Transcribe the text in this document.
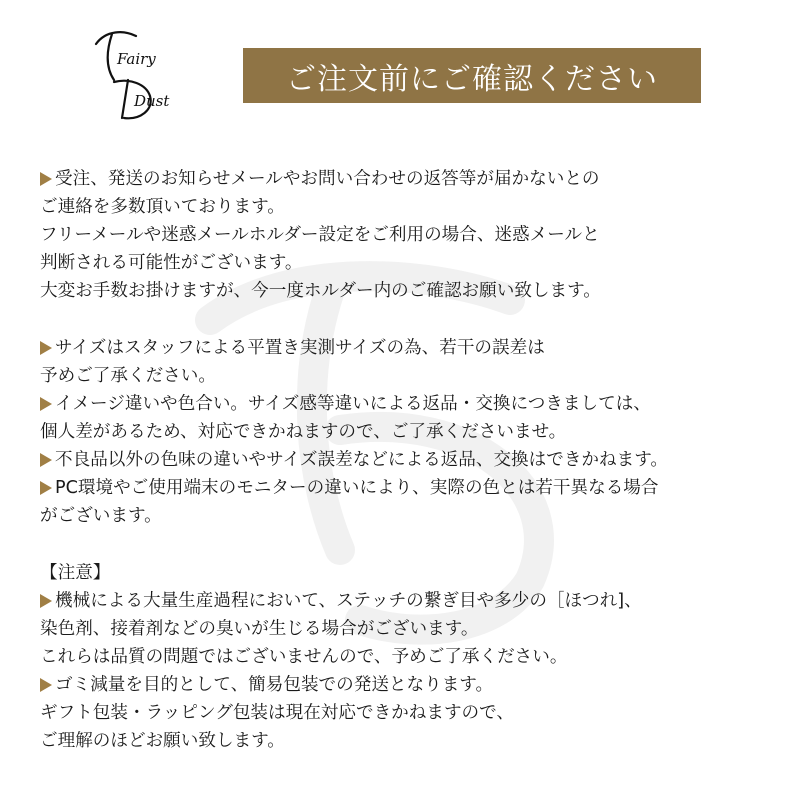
Fairy
Dust
ご注文前にご確認ください
受注、発送のお知らせメールやお問い合わせの返答等が届かないとの
ご連絡を多数頂いております。
フリーメールや迷惑メールホルダー設定をご利用の場合、迷惑メールと
判断される可能性がございます。
大変お手数お掛けますが、今一度ホルダー内のご確認お願い致します。
サイズはスタッフによる平置き実測サイズの為、若干の誤差は
予めご了承ください。
イメージ違いや色合い。サイズ感等違いによる返品・交換につきましては、
個人差があるため、対応できかねますので、ご了承くださいませ。
不良品以外の色味の違いやサイズ誤差などによる返品、交換はできかねます。
PC環境やご使用端末のモニターの違いにより、実際の色とは若干異なる場合
がございます。
【注意】
機械による大量生産過程において、ステッチの繋ぎ目や多少の［ほつれ]、
染色剤、接着剤などの臭いが生じる場合がございます。
これらは品質の問題ではございませんので、予めご了承ください。
ゴミ減量を目的として、簡易包装での発送となります。
ギフト包装・ラッピング包装は現在対応できかねますので、
ご理解のほどお願い致します。
